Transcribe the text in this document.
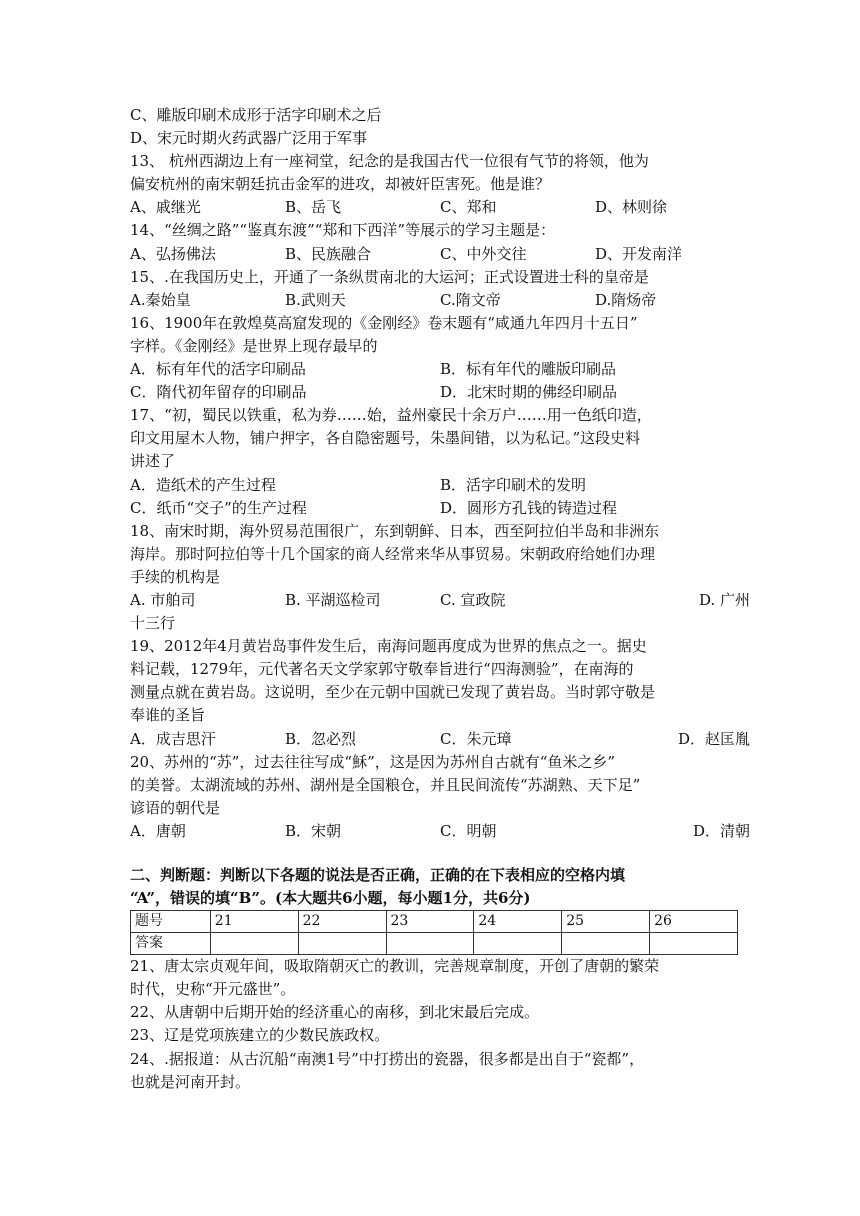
C、雕版印刷术成形于活字印刷术之后
D、宋元时期火药武器广泛用于军事
13、 杭州西湖边上有一座祠堂，纪念的是我国古代一位很有气节的将领，他为
偏安杭州的南宋朝廷抗击金军的进攻，却被奸臣害死。他是谁？
A、戚继光	B、岳飞	C、郑和	D、林则徐
14、“丝绸之路”“鉴真东渡”“郑和下西洋”等展示的学习主题是：
A、弘扬佛法	B、民族融合	C、中外交往	D、开发南洋
15、.在我国历史上，开通了一条纵贯南北的大运河；正式设置进士科的皇帝是
A.秦始皇	B.武则天	C.隋文帝	D.隋炀帝
16、1900年在敦煌莫高窟发现的《金刚经》卷末题有“咸通九年四月十五日”
字样。《金刚经》是世界上现存最早的
A．标有年代的活字印刷品	B．标有年代的雕版印刷品
C．隋代初年留存的印刷品	D．北宋时期的佛经印刷品
17、“初，蜀民以铁重，私为券……始，益州豪民十余万户……用一色纸印造，
印文用屋木人物，铺户押字，各自隐密题号，朱墨间错，以为私记。”这段史料
讲述了
A．造纸术的产生过程	B．活字印刷术的发明
C．纸币“交子”的生产过程	D．圆形方孔钱的铸造过程
18、南宋时期，海外贸易范围很广，东到朝鲜、日本，西至阿拉伯半岛和非洲东
海岸。那时阿拉伯等十几个国家的商人经常来华从事贸易。宋朝政府给她们办理
手续的机构是
A. 市舶司	B. 平湖巡检司	C. 宣政院	D. 广州
十三行
19、2012年4月黄岩岛事件发生后，南海问题再度成为世界的焦点之一。据史
料记载，1279年，元代著名天文学家郭守敬奉旨进行“四海测验”，在南海的
测量点就在黄岩岛。这说明，至少在元朝中国就已发现了黄岩岛。当时郭守敬是
奉谁的圣旨
A．成吉思汗	B．忽必烈	C．朱元璋	D．赵匡胤
20、苏州的“苏”，过去往往写成“穌”，这是因为苏州自古就有“鱼米之乡”
的美誉。太湖流域的苏州、湖州是全国粮仓，并且民间流传“苏湖熟、天下足”
谚语的朝代是
A．唐朝	B．宋朝	C．明朝	D．清朝
二、判断题：判断以下各题的说法是否正确，正确的在下表相应的空格内填
“A”，错误的填“B”。(本大题共6小题，每小题1分，共6分)
题号	21	22	23	24	25	26
答案						
21、唐太宗贞观年间，吸取隋朝灭亡的教训，完善规章制度，开创了唐朝的繁荣
时代，史称“开元盛世”。
22、从唐朝中后期开始的经济重心的南移，到北宋最后完成。
23、辽是党项族建立的少数民族政权。
24、.据报道：从古沉船“南澳1号”中打捞出的瓷器，很多都是出自于“瓷都”，
也就是河南开封。
